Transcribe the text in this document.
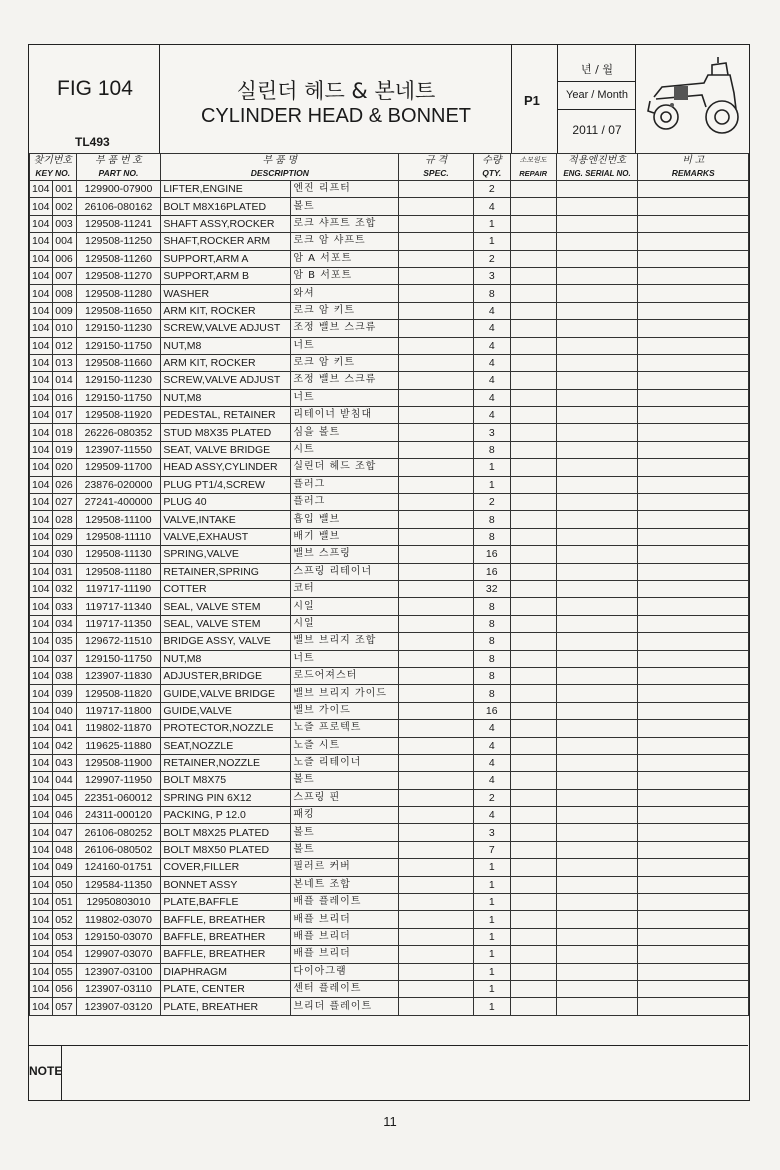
FIG 104
TL493
실린더 헤드 & 본네트
CYLINDER HEAD & BONNET
P1
년 / 월
Year / Month
2011 / 07
찾기번호		부 품 번 호	부 품 명		규 격	수량	소모원도	적용엔진번호	비 고
KEY NO.		PART NO.	DESCRIPTION		SPEC.	QTY.	REPAIR	ENG. SERIAL NO.	REMARKS
104	001	129900-07900	LIFTER,ENGINE	엔진 리프터		2			
104	002	26106-080162	BOLT M8X16PLATED	볼트		4			
104	003	129508-11241	SHAFT ASSY,ROCKER	로크 샤프트 조합		1			
104	004	129508-11250	SHAFT,ROCKER ARM	로크 암 샤프트		1			
104	006	129508-11260	SUPPORT,ARM A	암 A 서포트		2			
104	007	129508-11270	SUPPORT,ARM B	암 B 서포트		3			
104	008	129508-11280	WASHER	와셔		8			
104	009	129508-11650	ARM KIT, ROCKER	로크 암 키트		4			
104	010	129150-11230	SCREW,VALVE ADJUST	조정 밸브 스크류		4			
104	012	129150-11750	NUT,M8	너트		4			
104	013	129508-11660	ARM KIT, ROCKER	로크 암 키트		4			
104	014	129150-11230	SCREW,VALVE ADJUST	조정 밸브 스크류		4			
104	016	129150-11750	NUT,M8	너트		4			
104	017	129508-11920	PEDESTAL, RETAINER	리테이너 받침대		4			
104	018	26226-080352	STUD M8X35 PLATED	심을 볼트		3			
104	019	123907-11550	SEAT, VALVE BRIDGE	시트		8			
104	020	129509-11700	HEAD ASSY,CYLINDER	실린더 헤드 조합		1			
104	026	23876-020000	PLUG PT1/4,SCREW	플러그		1			
104	027	27241-400000	PLUG 40	플러그		2			
104	028	129508-11100	VALVE,INTAKE	흡입 밸브		8			
104	029	129508-11110	VALVE,EXHAUST	배기 밸브		8			
104	030	129508-11130	SPRING,VALVE	밸브 스프링		16			
104	031	129508-11180	RETAINER,SPRING	스프링 리테이너		16			
104	032	119717-11190	COTTER	코터		32			
104	033	119717-11340	SEAL, VALVE STEM	시일		8			
104	034	119717-11350	SEAL, VALVE STEM	시일		8			
104	035	129672-11510	BRIDGE ASSY, VALVE	밸브 브리지 조합		8			
104	037	129150-11750	NUT,M8	너트		8			
104	038	123907-11830	ADJUSTER,BRIDGE	로드어져스터		8			
104	039	129508-11820	GUIDE,VALVE BRIDGE	밸브 브리지 가이드		8			
104	040	119717-11800	GUIDE,VALVE	밸브 가이드		16			
104	041	119802-11870	PROTECTOR,NOZZLE	노즐 프로텍트		4			
104	042	119625-11880	SEAT,NOZZLE	노즐 시트		4			
104	043	129508-11900	RETAINER,NOZZLE	노즐 리테이너		4			
104	044	129907-11950	BOLT M8X75	볼트		4			
104	045	22351-060012	SPRING PIN 6X12	스프링 핀		2			
104	046	24311-000120	PACKING, P 12.0	패킹		4			
104	047	26106-080252	BOLT M8X25 PLATED	볼트		3			
104	048	26106-080502	BOLT M8X50 PLATED	볼트		7			
104	049	124160-01751	COVER,FILLER	필러르 커버		1			
104	050	129584-11350	BONNET ASSY	본네트 조합		1			
104	051	12950803010	PLATE,BAFFLE	배플 플레이트		1			
104	052	119802-03070	BAFFLE, BREATHER	배플 브리더		1			
104	053	129150-03070	BAFFLE, BREATHER	배플 브리더		1			
104	054	129907-03070	BAFFLE, BREATHER	배플 브리더		1			
104	055	123907-03100	DIAPHRAGM	다이아그램		1			
104	056	123907-03110	PLATE, CENTER	센터 플레이트		1			
104	057	123907-03120	PLATE, BREATHER	브리더 플레이트		1			
NOTE
11
